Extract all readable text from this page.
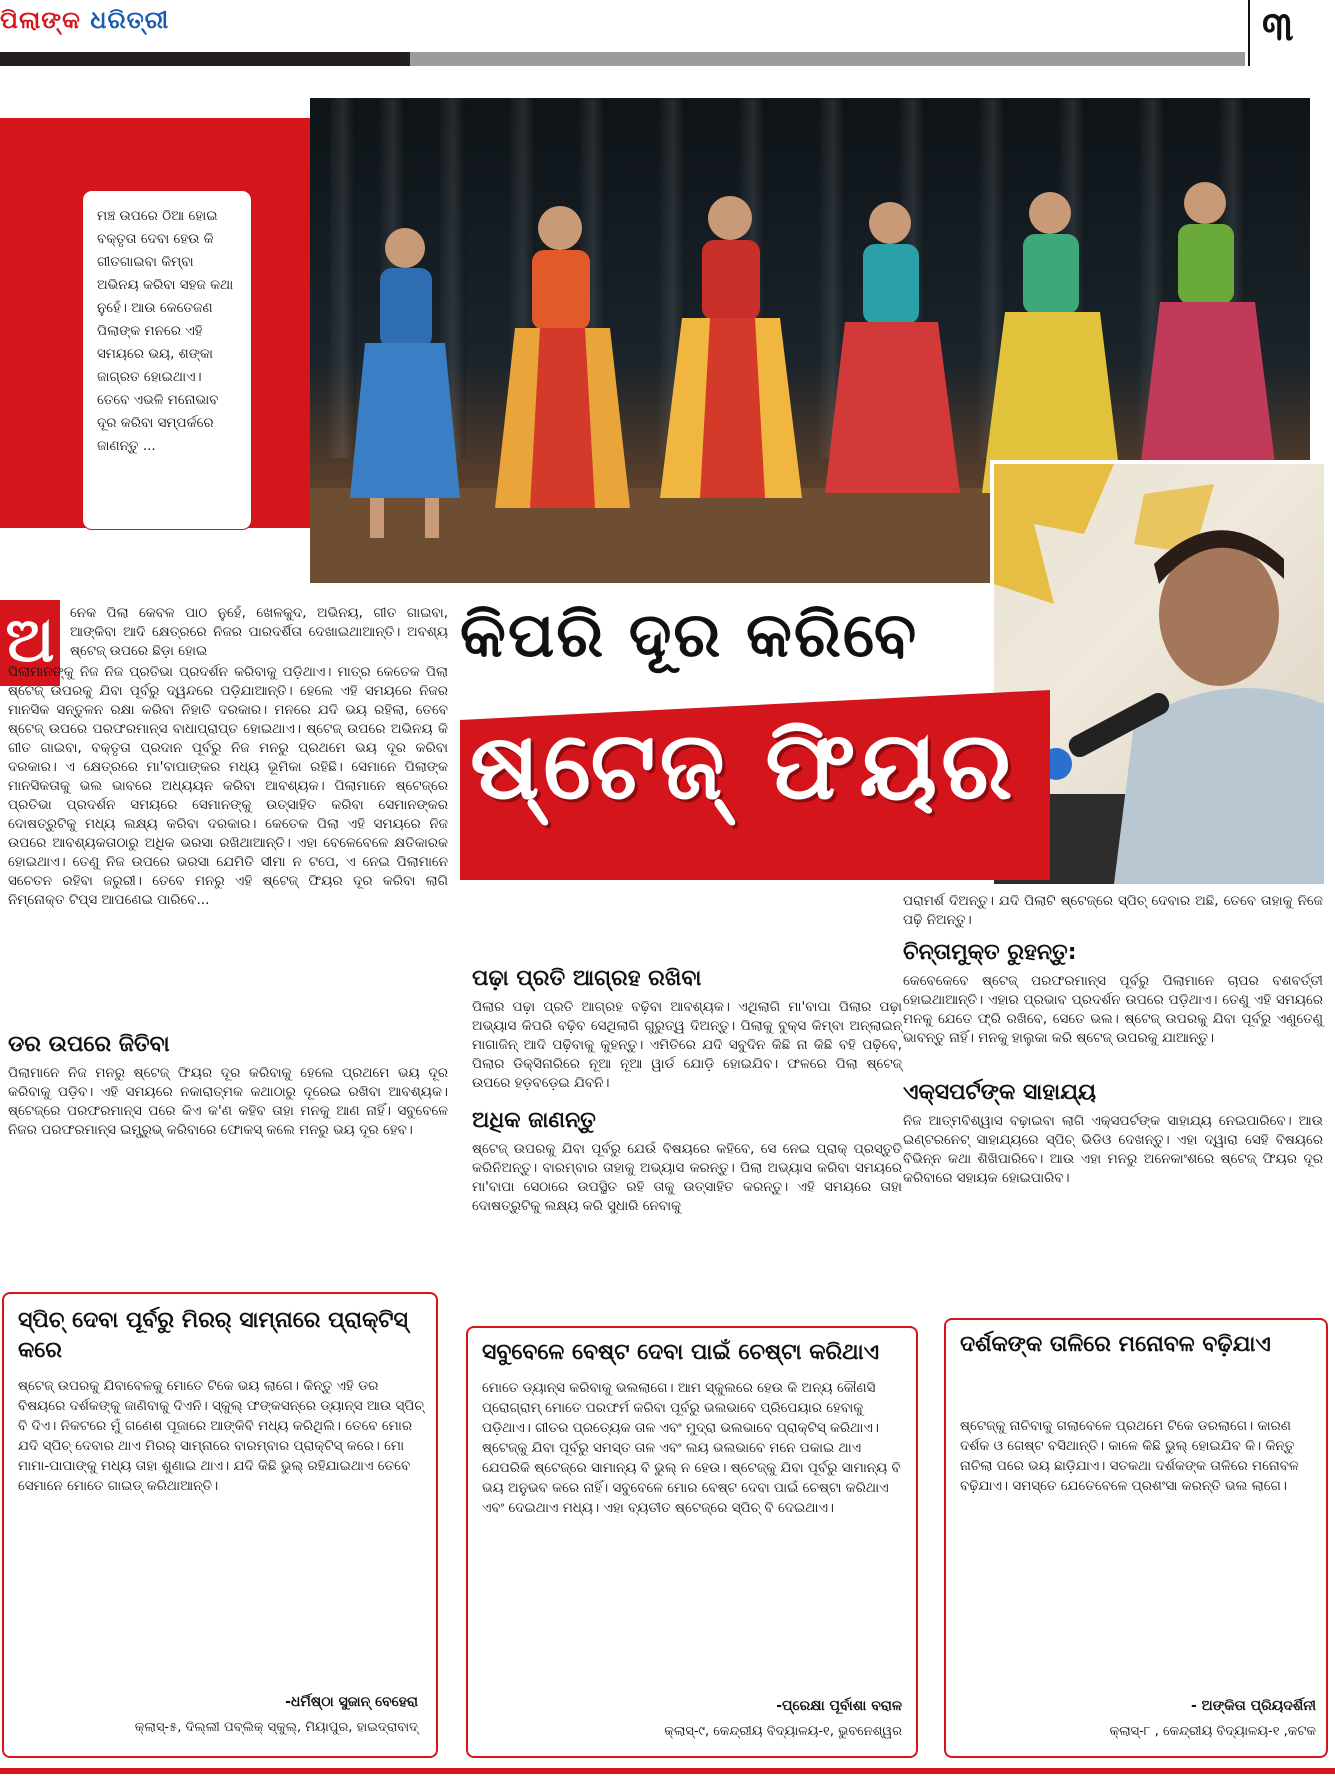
ପିଲାଙ୍କ ଧରିତ୍ରୀ	୩
ମଞ୍ଚ ଉପରେ ଠିଆ ହୋଇ ବକ୍ତୃତା ଦେବା ହେଉ କି ଗୀତଗାଇବା କିମ୍ବା ଅଭିନୟ କରିବା ସହଜ କଥା ନୁହେଁ। ଆଉ କେତେଜଣ ପିଲାଙ୍କ ମନରେ ଏହି ସମୟରେ ଭୟ, ଶଙ୍କା ଜାଗ୍ରତ ହୋଇଥାଏ। ତେବେ ଏଭଳି ମନୋଭାବ ଦୂର କରିବା ସମ୍ପର୍କରେ ଜାଣନ୍ତୁ ...
କିପରି ଦୂର କରିବେ
ଷ୍ଟେଜ୍ ଫିୟର
ଅ	ନେକ ପିଲା କେବଳ ପାଠ ନୁହେଁ, ଖେଳକୁଦ, ଅଭିନୟ, ଗୀତ ଗାଇବା, ଆଙ୍କିବା ଆଦି କ୍ଷେତ୍ରରେ ନିଜର ପାରଦର୍ଶିତା ଦେଖାଇଥାଆନ୍ତି। ଅବଶ୍ୟ ଷ୍ଟେଜ୍ ଉପରେ ଛିଡ଼ା ହୋଇ
ପିଲାମାନଙ୍କୁ ନିଜ ନିଜ ପ୍ରତିଭା ପ୍ରଦର୍ଶନ କରିବାକୁ ପଡ଼ିଥାଏ। ମାତ୍ର କେତେକ ପିଲା ଷ୍ଟେଜ୍ ଉପରକୁ ଯିବା ପୂର୍ବରୁ ଦ୍ୱନ୍ଦରେ ପଡ଼ିଯାଆନ୍ତି। ହେଲେ ଏହି ସମୟରେ ନିଜର ମାନସିକ ସନ୍ତୁଳନ ରକ୍ଷା କରିବା ନିହାତି ଦରକାର। ମନରେ ଯଦି ଭୟ ରହିଲା, ତେବେ ଷ୍ଟେଜ୍ ଉପରେ ପରଫରମାନ୍ସ ବାଧାପ୍ରାପ୍ତ ହୋଇଥାଏ। ଷ୍ଟେଜ୍ ଉପରେ ଅଭିନୟ କି ଗୀତ ଗାଇବା, ବକ୍ତୃତା ପ୍ରଦାନ ପୂର୍ବରୁ ନିଜ ମନରୁ ପ୍ରଥମେ ଭୟ ଦୂର କରିବା ଦରକାର। ଏ କ୍ଷେତ୍ରରେ ମା'ବାପାଙ୍କର ମଧ୍ୟ ଭୂମିକା ରହିଛି। ସେମାନେ ପିଲାଙ୍କ ମାନସିକତାକୁ ଭଲ ଭାବରେ ଅଧ୍ୟୟନ କରିବା ଆବଶ୍ୟକ। ପିଲାମାନେ ଷ୍ଟେଜ୍‌ରେ ପ୍ରତିଭା ପ୍ରଦର୍ଶନ ସମୟରେ ସେମାନଙ୍କୁ ଉତ୍ସାହିତ କରିବା ସେମାନଙ୍କର ଦୋଷତ୍ରୁଟିକୁ ମଧ୍ୟ ଲକ୍ଷ୍ୟ କରିବା ଦରକାର। କେତେକ ପିଲା ଏହି ସମୟରେ ନିଜ ଉପରେ ଆବଶ୍ୟକତାଠାରୁ ଅଧିକ ଭରସା ରଖିଥାଆନ୍ତି। ଏହା ବେଳେବେଳେ କ୍ଷତିକାରକ ହୋଇଥାଏ। ତେଣୁ ନିଜ ଉପରେ ଭରସା ଯେମିତି ସୀମା ନ ଟପେ, ଏ ନେଇ ପିଲାମାନେ ସଚେତନ ରହିବା ଜରୁରୀ। ତେବେ ମନରୁ ଏହି ଷ୍ଟେଜ୍ ଫିୟର ଦୂର କରିବା ଲାଗି ନିମ୍ନୋକ୍ତ ଟିପ୍ସ ଆପଣେଇ ପାରିବେ...
ଡର ଉପରେ ଜିତିବା
ପିଲାମାନେ ନିଜ ମନରୁ ଷ୍ଟେଜ୍ ଫିୟର ଦୂର କରିବାକୁ ହେଲେ ପ୍ରଥମେ ଭୟ ଦୂର କରିବାକୁ ପଡ଼ିବ। ଏହି ସମୟରେ ନକାରାତ୍ମକ କଥାଠାରୁ ଦୂରେଇ ରଖିବା ଆବଶ୍ୟକ। ଷ୍ଟେଜ୍‌ରେ ପରଫରମାନ୍ସ ପରେ କିଏ କ'ଣ କହିବ ତାହା ମନକୁ ଆଣ ନାହିଁ। ସବୁବେଳେ ନିଜର ପରଫରମାନ୍ସ ଇମ୍ପ୍ରୁଭ୍ କରିବାରେ ଫୋକସ୍ କଲେ ମନରୁ ଭୟ ଦୂର ହେବ।
ପଢ଼ା ପ୍ରତି ଆଗ୍ରହ ରଖିବା
ପିଲାର ପଢ଼ା ପ୍ରତି ଆଗ୍ରହ ବଢ଼ିବା ଆବଶ୍ୟକ। ଏଥିଲାଗି ମା'ବାପା ପିଲାର ପଢ଼ା ଅଭ୍ୟାସ କିପରି ବଢ଼ିବ ସେଥିଲାଗି ଗୁରୁତ୍ୱ ଦିଅନ୍ତୁ। ପିଲାକୁ ବୁକ୍ସ କିମ୍ବା ଅନ୍‌ଲାଇନ୍ ମାଗାଜିନ୍ ଆଦି ପଢ଼ିବାକୁ କୁହନ୍ତୁ। ଏମିତିରେ ଯଦି ସବୁଦିନ କିଛି ନା କିଛି ବହି ପଢ଼ିବେ, ପିଲାର ଡିକ୍ସିନାରିରେ ନୂଆ ନୂଆ ୱାର୍ଡ ଯୋଡ଼ି ହୋଇଯିବ। ଫଳରେ ପିଲା ଷ୍ଟେଜ୍ ଉପରେ ହଡ଼ବଡ଼େଇ ଯିବନି।
ଅଧିକ ଜାଣନ୍ତୁ
ଷ୍ଟେଜ୍ ଉପରକୁ ଯିବା ପୂର୍ବରୁ ଯେଉଁ ବିଷୟରେ କହିବେ, ସେ ନେଇ ପ୍ରାକ୍ ପ୍ରସ୍ତୁତି କରିନିଅନ୍ତୁ। ବାରମ୍ବାର ତାହାକୁ ଅଭ୍ୟାସ କରନ୍ତୁ। ପିଲା ଅଭ୍ୟାସ କରିବା ସମୟରେ ମା'ବାପା ସେଠାରେ ଉପସ୍ଥିତ ରହି ତାକୁ ଉତ୍ସାହିତ କରନ୍ତୁ। ଏହି ସମୟରେ ତାହା ଦୋଷତ୍ରୁଟିକୁ ଲକ୍ଷ୍ୟ କରି ସୁଧାରି ନେବାକୁ
ପରାମର୍ଶ ଦିଅନ୍ତୁ। ଯଦି ପିଲାଟି ଷ୍ଟେଜ୍‌ରେ ସ୍ପିଚ୍ ଦେବାର ଅଛି, ତେବେ ତାହାକୁ ନିଜେ ପଢ଼ି ନିଅନ୍ତୁ।
ଚିନ୍ତାମୁକ୍ତ ରୁହନ୍ତୁ:
କେବେକେବେ ଷ୍ଟେଜ୍ ପରଫରମାନ୍ସ ପୂର୍ବରୁ ପିଲାମାନେ ଚାପର ବଶବର୍ତ୍ତୀ ହୋଇଥାଆନ୍ତି। ଏହାର ପ୍ରଭାବ ପ୍ରଦର୍ଶନ ଉପରେ ପଡ଼ିଥାଏ। ତେଣୁ ଏହି ସମୟରେ ମନକୁ ଯେତେ ଫ୍ରି ରଖିବେ, ସେତେ ଭଲ। ଷ୍ଟେଜ୍ ଉପରକୁ ଯିବା ପୂର୍ବରୁ ଏଣୁତେଣୁ ଭାବନ୍ତୁ ନାହିଁ। ମନକୁ ହାଲୁକା କରି ଷ୍ଟେଜ୍ ଉପରକୁ ଯାଆନ୍ତୁ।
ଏକ୍ସପର୍ଟଙ୍କ ସାହାଯ୍ୟ
ନିଜ ଆତ୍ମବିଶ୍ୱାସ ବଢ଼ାଇବା ଲାଗି ଏକ୍ସପର୍ଟଙ୍କ ସାହାଯ୍ୟ ନେଇପାରିବେ। ଆଉ ଇଣ୍ଟରନେଟ୍ ସାହାଯ୍ୟରେ ସ୍ପିଚ୍ ଭିଡିଓ ଦେଖନ୍ତୁ। ଏହା ଦ୍ୱାରା ସେହି ବିଷୟରେ ବିଭିନ୍ନ କଥା ଶିଖିପାରିବେ। ଆଉ ଏହା ମନରୁ ଅନେକାଂଶରେ ଷ୍ଟେଜ୍ ଫିୟର ଦୂର କରିବାରେ ସହାୟକ ହୋଇପାରିବ।
ସ୍ପିଚ୍ ଦେବା ପୂର୍ବରୁ ମିରର୍ ସାମ୍ନାରେ ପ୍ରାକ୍ଟିସ୍ କରେ
ଷ୍ଟେଜ୍ ଉପରକୁ ଯିବାବେଳକୁ ମୋତେ ଟିକେ ଭୟ ଲାଗେ। କିନ୍ତୁ ଏହି ଡର ବିଷୟରେ ଦର୍ଶକଙ୍କୁ ଜାଣିବାକୁ ଦିଏନି। ସ୍କୁଲ୍ ଫଙ୍କସନ୍‌ରେ ଡ୍ୟାନ୍ସ ଆଉ ସ୍ପିଚ୍ ବି ଦିଏ। ନିକଟରେ ମୁଁ ଗଣେଶ ପୂଜାରେ ଆଙ୍କିବି ମଧ୍ୟ କରିଥିଲି। ତେବେ ମୋର ଯଦି ସ୍ପିଚ୍ ଦେବାର ଥାଏ ମିରର୍ ସାମ୍ନାରେ ବାରମ୍ବାର ପ୍ରାକ୍ଟିସ୍ କରେ। ମୋ ମାମା-ପାପାଙ୍କୁ ମଧ୍ୟ ତାହା ଶୁଣାଇ ଥାଏ। ଯଦି କିଛି ଭୁଲ୍ ରହିଯାଇଥାଏ ତେବେ ସେମାନେ ମୋତେ ଗାଇଡ୍ କରିଥାଆନ୍ତି।
-ଧର୍ମିଷ୍ଠା ସୁଜାନ୍ ବେହେରା
କ୍ଲାସ୍-୫, ଦିଲ୍ଲୀ ପବ୍ଲିକ୍ ସ୍କୁଲ୍, ମିୟାପୁର, ହାଇଦ୍ରାବାଦ୍
ସବୁବେଳେ ବେଷ୍ଟ ଦେବା ପାଇଁ ଚେଷ୍ଟା କରିଥାଏ
ମୋତେ ଡ୍ୟାନ୍ସ କରିବାକୁ ଭଲଲାଗେ। ଆମ ସ୍କୁଲରେ ହେଉ କି ଅନ୍ୟ କୌଣସି ପ୍ରୋଗ୍ରାମ୍ ମୋତେ ପରଫର୍ମ କରିବା ପୂର୍ବରୁ ଭଲଭାବେ ପ୍ରିପେୟାର ହେବାକୁ ପଡ଼ିଥାଏ। ଗୀତର ପ୍ରତ୍ୟେକ ତାଳ ଏବଂ ମୁଦ୍ରା ଭଲଭାବେ ପ୍ରାକ୍ଟିସ୍ କରିଥାଏ। ଷ୍ଟେଜ୍‌କୁ ଯିବା ପୂର୍ବରୁ ସମସ୍ତ ତାଳ ଏବଂ ଲୟ ଭଲଭାବେ ମନେ ପକାଇ ଥାଏ ଯେପରିକି ଷ୍ଟେଜ୍‌ରେ ସାମାନ୍ୟ ବି ଭୁଲ୍ ନ ହେଉ। ଷ୍ଟେଜ୍‌କୁ ଯିବା ପୂର୍ବରୁ ସାମାନ୍ୟ ବି ଭୟ ଅନୁଭବ କରେ ନାହିଁ। ସବୁବେଳେ ମୋର ବେଷ୍ଟ ଦେବା ପାଇଁ ଚେଷ୍ଟା କରିଥାଏ ଏବଂ ଦେଇଥାଏ ମଧ୍ୟ। ଏହା ବ୍ୟତୀତ ଷ୍ଟେଜ୍‌ରେ ସ୍ପିଚ୍ ବି ଦେଇଥାଏ।
-ପ୍ରେକ୍ଷା ପୂର୍ବାଶା ବରାଳ
କ୍ଲାସ୍-୯, କେନ୍ଦ୍ରୀୟ ବିଦ୍ୟାଳୟ-୧, ଭୁବନେଶ୍ୱର
ଦର୍ଶକଙ୍କ ତାଳିରେ ମନୋବଳ ବଢ଼ିଯାଏ
ଷ୍ଟେଜ୍‌କୁ ନାଚିବାକୁ ଗଲାବେଳେ ପ୍ରଥମେ ଟିକେ ଡରଲାଗେ। କାରଣ ଦର୍ଶକ ଓ ଗେଷ୍ଟ ବସିଥାନ୍ତି। କାଳେ କିଛି ଭୁଲ୍ ହୋଇଯିବ କି। କିନ୍ତୁ ନାଚିଲା ପରେ ଭୟ ଛାଡ଼ିଯାଏ। ସତକଥା ଦର୍ଶକଙ୍କ ତାଳିରେ ମନୋବଳ ବଢ଼ିଯାଏ। ସମସ୍ତେ ଯେତେବେଳେ ପ୍ରଶଂସା କରନ୍ତି ଭଲ ଲାଗେ।
- ଅଙ୍କିତା ପ୍ରିୟଦର୍ଶିନୀ
କ୍ଲାସ୍-୮ , କେନ୍ଦ୍ରୀୟ ବିଦ୍ୟାଳୟ-୧ ,କଟକ
